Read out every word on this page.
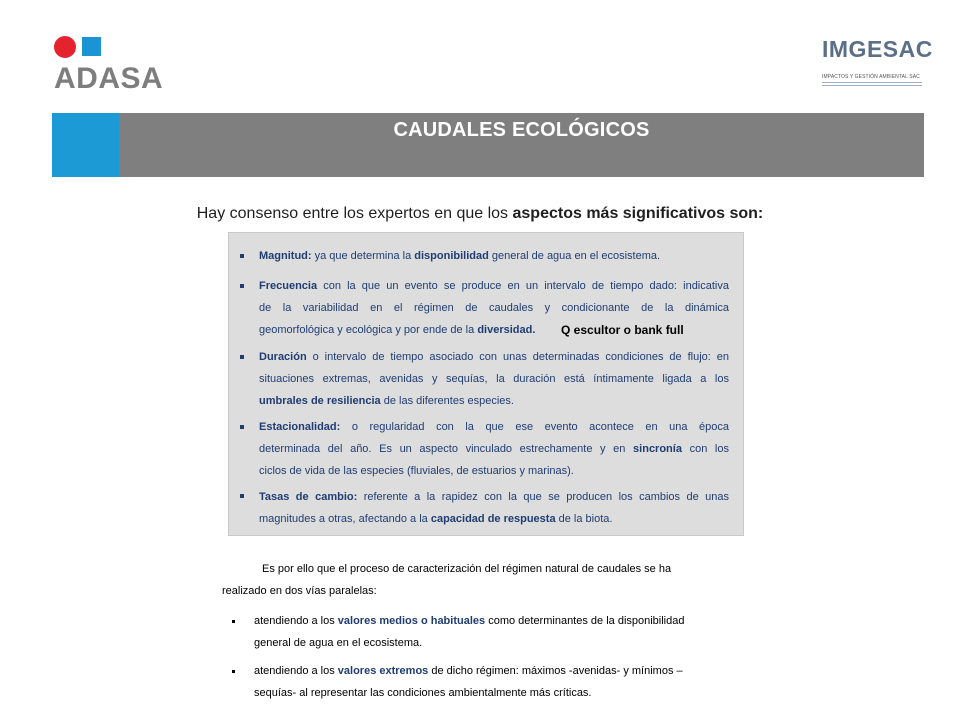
ADASA
IMGESAC
IMPACTOS Y GESTIÓN AMBIENTAL SAC
CAUDALES ECOLÓGICOS
Hay consenso entre los expertos en que los aspectos más significativos son:
Magnitud: ya que determina la disponibilidad general de agua en el ecosistema.
Frecuencia con la que un evento se produce en un intervalo de tiempo dado: indicativa
de la variabilidad en el régimen de caudales y condicionante de la dinámica
geomorfológica y ecológica y por ende de la diversidad.
Duración o intervalo de tiempo asociado con unas determinadas condiciones de flujo: en
situaciones extremas, avenidas y sequías, la duración está íntimamente ligada a los
umbrales de resiliencia de las diferentes especies.
Estacionalidad: o regularidad con la que ese evento acontece en una época
determinada del año. Es un aspecto vinculado estrechamente y en sincronía con los
ciclos de vida de las especies (fluviales, de estuarios y marinas).
Tasas de cambio: referente a la rapidez con la que se producen los cambios de unas
magnitudes a otras, afectando a la capacidad de respuesta de la biota.
Q escultor o bank full
Es por ello que el proceso de caracterización del régimen natural de caudales se ha
realizado en dos vías paralelas:
atendiendo a los valores medios o habituales como determinantes de la disponibilidad
general de agua en el ecosistema.
atendiendo a los valores extremos de dicho régimen: máximos -avenidas- y mínimos –
sequías- al representar las condiciones ambientalmente más críticas.
